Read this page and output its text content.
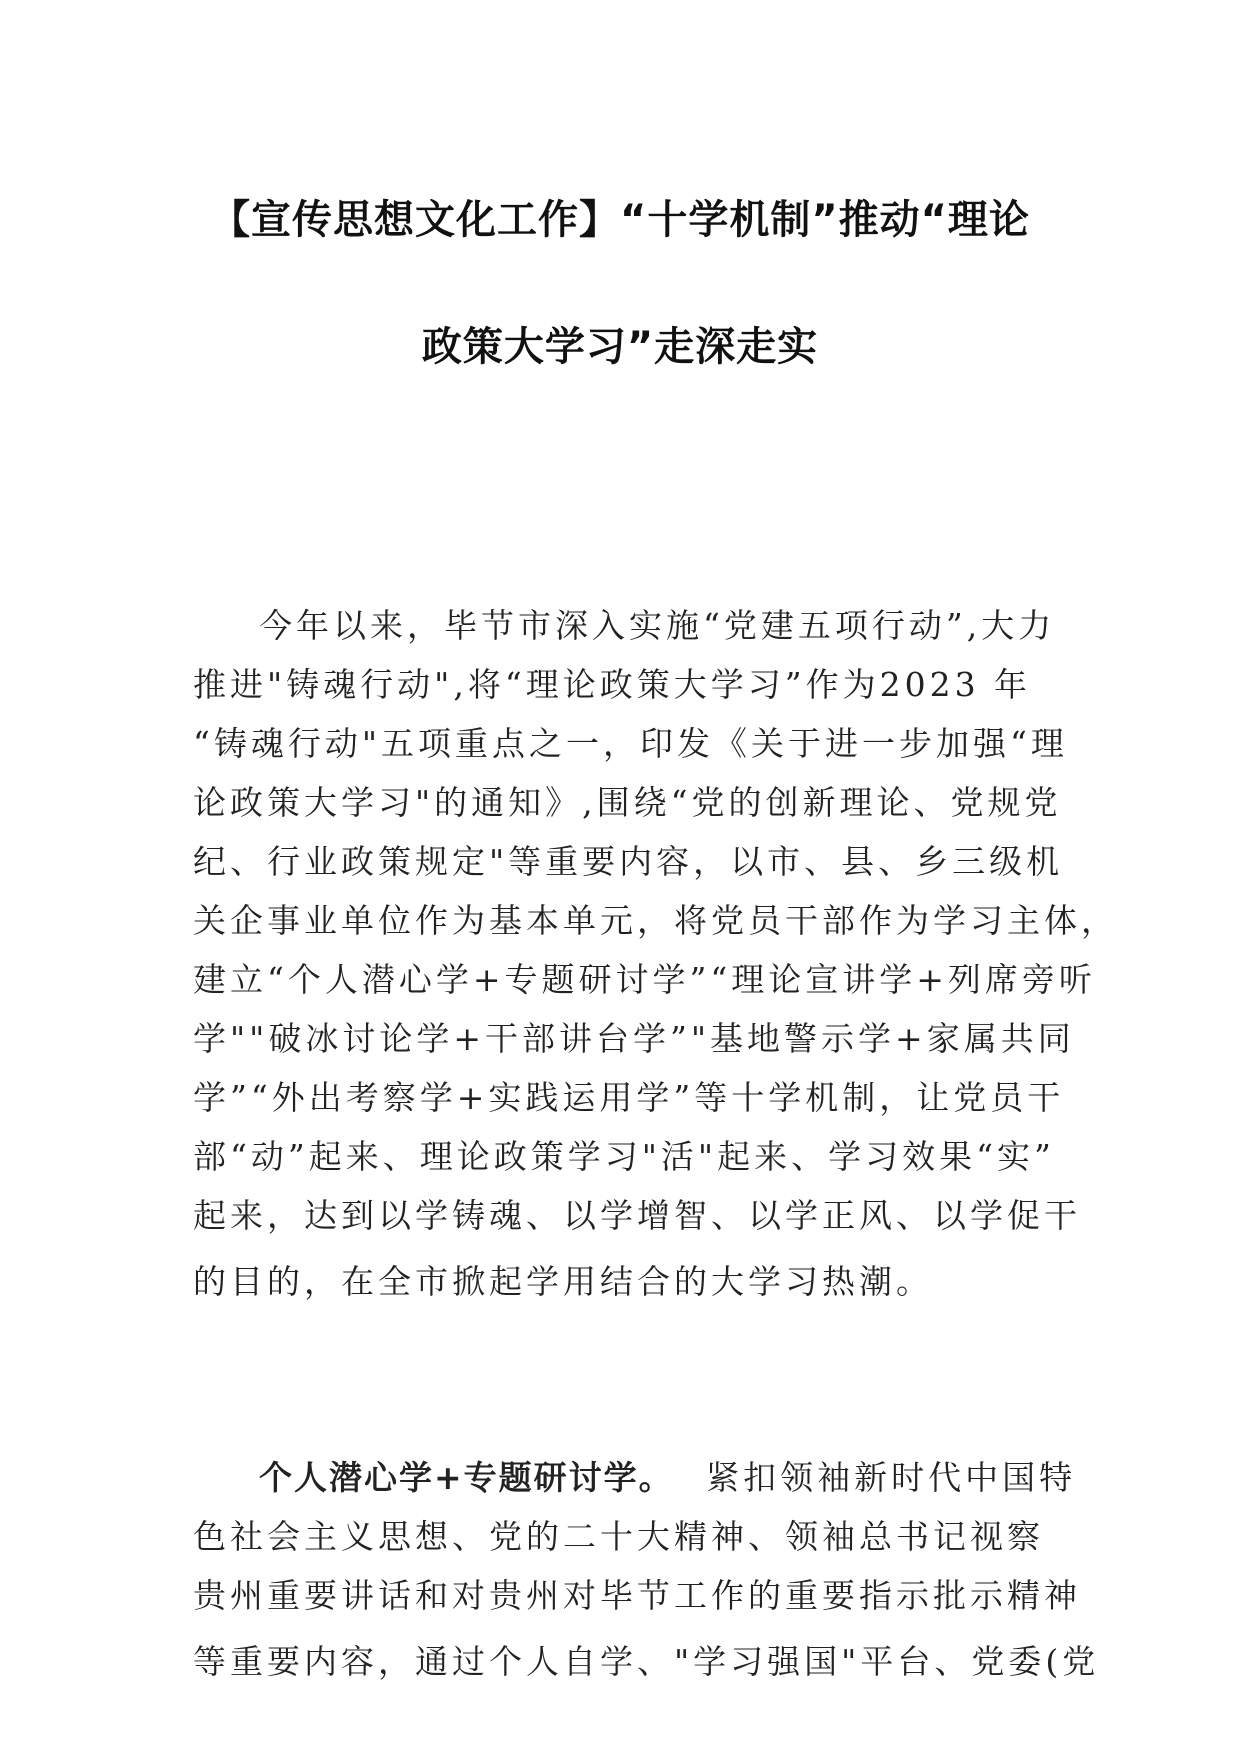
【宣传思想文化工作】“十学机制”推动“理论
政策大学习”走深走实
今年以来，毕节市深入实施“党建五项行动”,大力
推进"铸魂行动",将“理论政策大学习”作为2023 年
“铸魂行动"五项重点之一，印发《关于进一步加强“理
论政策大学习"的通知》,围绕“党的创新理论、党规党
纪、行业政策规定"等重要内容，以市、县、乡三级机
关企事业单位作为基本单元，将党员干部作为学习主体，
建立“个人潜心学+专题研讨学”“理论宣讲学+列席旁听
学""破冰讨论学+干部讲台学”"基地警示学+家属共同
学”“外出考察学+实践运用学”等十学机制，让党员干
部“动”起来、理论政策学习"活"起来、学习效果“实”
起来，达到以学铸魂、以学增智、以学正风、以学促干
的目的，在全市掀起学用结合的大学习热潮。
个人潜心学+专题研讨学。 紧扣领袖新时代中国特
色社会主义思想、党的二十大精神、领袖总书记视察
贵州重要讲话和对贵州对毕节工作的重要指示批示精神
等重要内容，通过个人自学、"学习强国"平台、党委(党
